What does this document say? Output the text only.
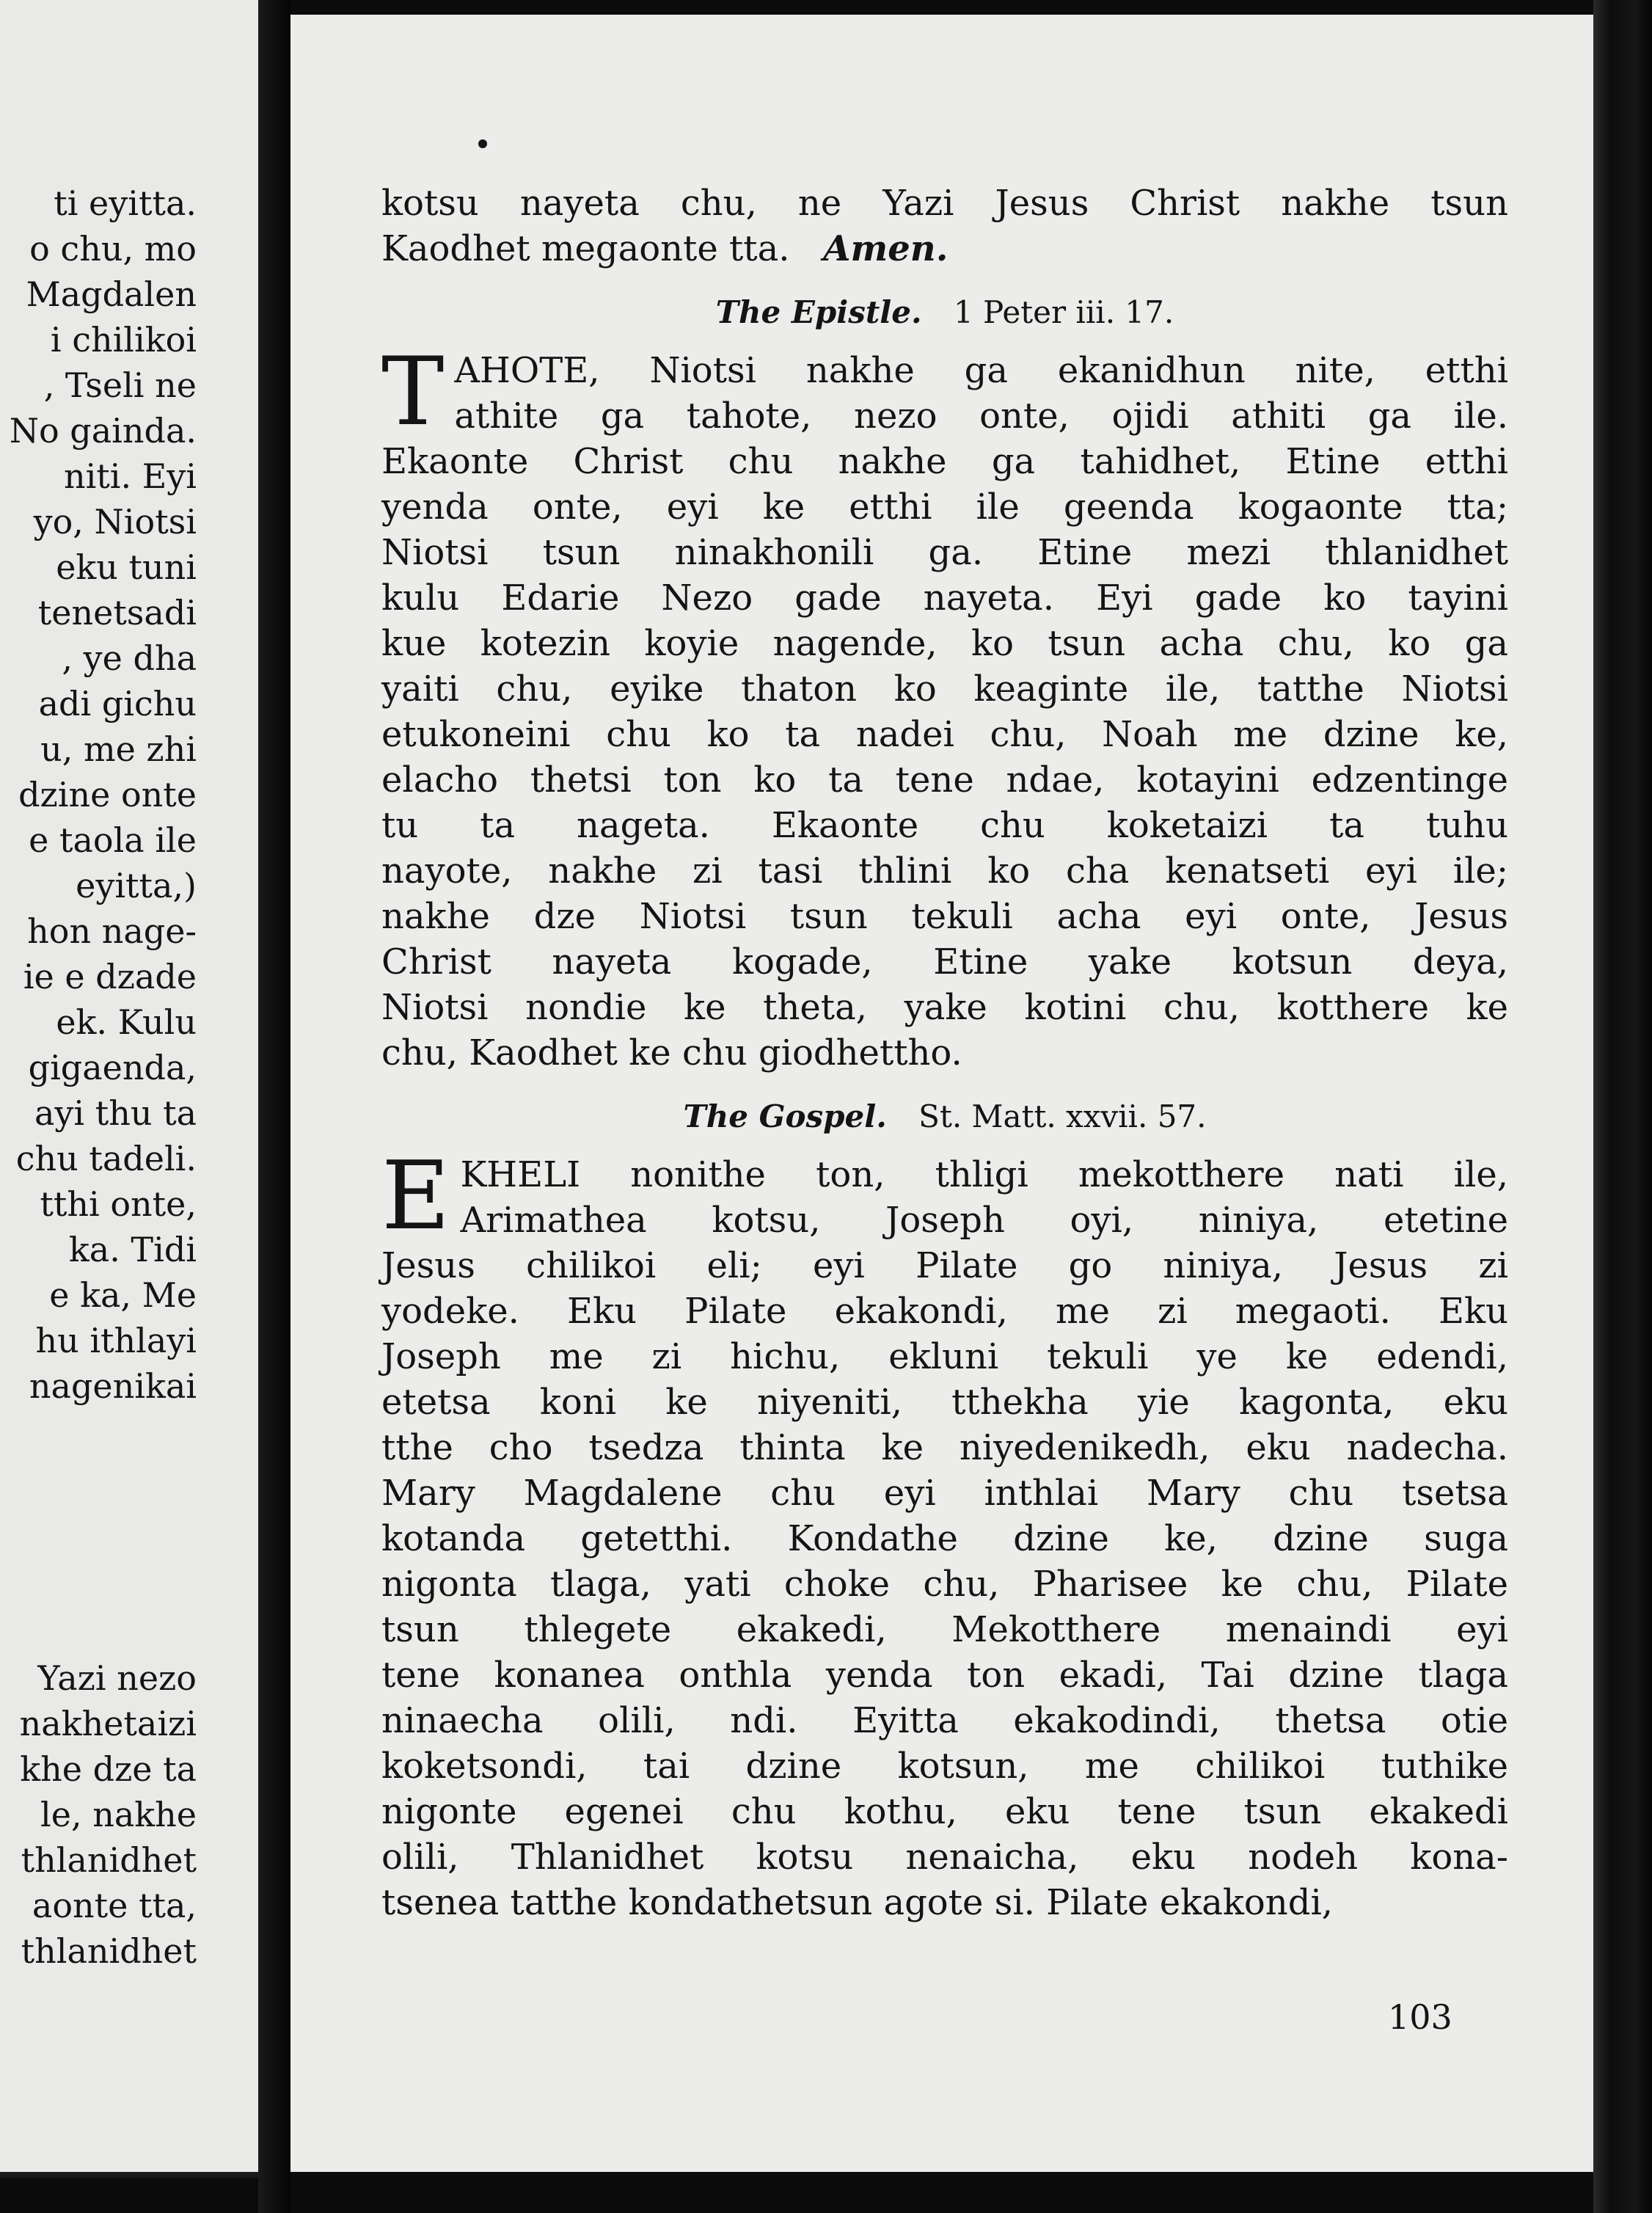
ti eyitta.
o chu, mo
Magdalen
i chilikoi
, Tseli ne
No gainda.
niti. Eyi
yo, Niotsi
eku tuni
tenetsadi
, ye dha
adi gichu
u, me zhi
dzine onte
e taola ile
eyitta,)
hon nage-
ie e dzade
ek. Kulu
gigaenda,
ayi thu ta
chu tadeli.
tthi onte,
ka. Tidi
e ka, Me
hu ithlayi
nagenikai
Yazi nezo
nakhetaizi
khe dze ta
le, nakhe
thlanidhet
aonte tta,
thlanidhet
kotsu nayeta chu, ne Yazi Jesus Christ nakhe tsun
Kaodhet megaonte tta. Amen.
The Epistle. 1 Peter iii. 17.
T AHOTE, Niotsi nakhe ga ekanidhun nite, etthi
athite ga tahote, nezo onte, ojidi athiti ga ile.
Ekaonte Christ chu nakhe ga tahidhet, Etine etthi
yenda onte, eyi ke etthi ile geenda kogaonte tta;
Niotsi tsun ninakhonili ga. Etine mezi thlanidhet
kulu Edarie Nezo gade nayeta. Eyi gade ko tayini
kue kotezin koyie nagende, ko tsun acha chu, ko ga
yaiti chu, eyike thaton ko keaginte ile, tatthe Niotsi
etukoneini chu ko ta nadei chu, Noah me dzine ke,
elacho thetsi ton ko ta tene ndae, kotayini edzentinge
tu ta nageta. Ekaonte chu koketaizi ta tuhu
nayote, nakhe zi tasi thlini ko cha kenatseti eyi ile;
nakhe dze Niotsi tsun tekuli acha eyi onte, Jesus
Christ nayeta kogade, Etine yake kotsun deya,
Niotsi nondie ke theta, yake kotini chu, kotthere ke
chu, Kaodhet ke chu giodhettho.
The Gospel. St. Matt. xxvii. 57.
E KHELI nonithe ton, thligi mekotthere nati ile,
Arimathea kotsu, Joseph oyi, niniya, etetine
Jesus chilikoi eli; eyi Pilate go niniya, Jesus zi
yodeke. Eku Pilate ekakondi, me zi megaoti. Eku
Joseph me zi hichu, ekluni tekuli ye ke edendi,
etetsa koni ke niyeniti, tthekha yie kagonta, eku
tthe cho tsedza thinta ke niyedenikedh, eku nadecha.
Mary Magdalene chu eyi inthlai Mary chu tsetsa
kotanda getetthi. Kondathe dzine ke, dzine suga
nigonta tlaga, yati choke chu, Pharisee ke chu, Pilate
tsun thlegete ekakedi, Mekotthere menaindi eyi
tene konanea onthla yenda ton ekadi, Tai dzine tlaga
ninaecha olili, ndi. Eyitta ekakodindi, thetsa otie
koketsondi, tai dzine kotsun, me chilikoi tuthike
nigonte egenei chu kothu, eku tene tsun ekakedi
olili, Thlanidhet kotsu nenaicha, eku nodeh kona-
tsenea tatthe kondathetsun agote si. Pilate ekakondi,
103
